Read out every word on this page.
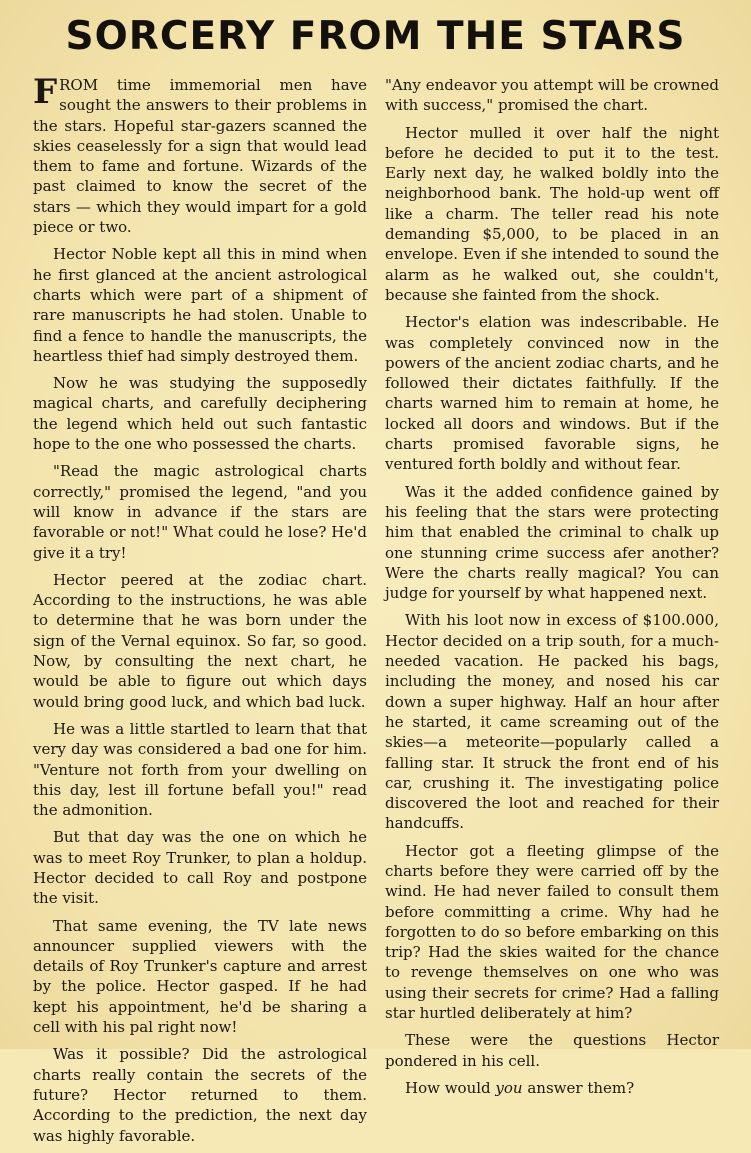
SORCERY FROM THE STARS

FROM time immemorial men have sought the answers to their problems in the stars. Hopeful star-gazers scanned the skies ceaselessly for a sign that would lead them to fame and fortune. Wizards of the past claimed to know the secret of the stars — which they would impart for a gold piece or two.

Hector Noble kept all this in mind when he first glanced at the ancient astrological charts which were part of a shipment of rare manuscripts he had stolen. Unable to find a fence to handle the manuscripts, the heartless thief had simply destroyed them.

Now he was studying the supposedly magical charts, and carefully deciphering the legend which held out such fantastic hope to the one who possessed the charts.

"Read the magic astrological charts correctly," promised the legend, "and you will know in advance if the stars are favorable or not!" What could he lose? He'd give it a try!

Hector peered at the zodiac chart. According to the instructions, he was able to determine that he was born under the sign of the Vernal equinox. So far, so good. Now, by consulting the next chart, he would be able to figure out which days would bring good luck, and which bad luck.

He was a little startled to learn that that very day was considered a bad one for him. "Venture not forth from your dwelling on this day, lest ill fortune befall you!" read the admonition.

But that day was the one on which he was to meet Roy Trunker, to plan a holdup. Hector decided to call Roy and postpone the visit.

That same evening, the TV late news announcer supplied viewers with the details of Roy Trunker's capture and arrest by the police. Hector gasped. If he had kept his appointment, he'd be sharing a cell with his pal right now!

Was it possible? Did the astrological charts really contain the secrets of the future? Hector returned to them. According to the prediction, the next day was highly favorable.

"Any endeavor you attempt will be crowned with success," promised the chart.

Hector mulled it over half the night before he decided to put it to the test. Early next day, he walked boldly into the neighborhood bank. The hold-up went off like a charm. The teller read his note demanding $5,000, to be placed in an envelope. Even if she intended to sound the alarm as he walked out, she couldn't, because she fainted from the shock.

Hector's elation was indescribable. He was completely convinced now in the powers of the ancient zodiac charts, and he followed their dictates faithfully. If the charts warned him to remain at home, he locked all doors and windows. But if the charts promised favorable signs, he ventured forth boldly and without fear.

Was it the added confidence gained by his feeling that the stars were protecting him that enabled the criminal to chalk up one stunning crime success afer another? Were the charts really magical? You can judge for yourself by what happened next.

With his loot now in excess of $100.000, Hector decided on a trip south, for a much-needed vacation. He packed his bags, including the money, and nosed his car down a super highway. Half an hour after he started, it came screaming out of the skies—a meteorite—popularly called a falling star. It struck the front end of his car, crushing it. The investigating police discovered the loot and reached for their handcuffs.

Hector got a fleeting glimpse of the charts before they were carried off by the wind. He had never failed to consult them before committing a crime. Why had he forgotten to do so before embarking on this trip? Had the skies waited for the chance to revenge themselves on one who was using their secrets for crime? Had a falling star hurtled deliberately at him?

These were the questions Hector pondered in his cell.

How would you answer them?
